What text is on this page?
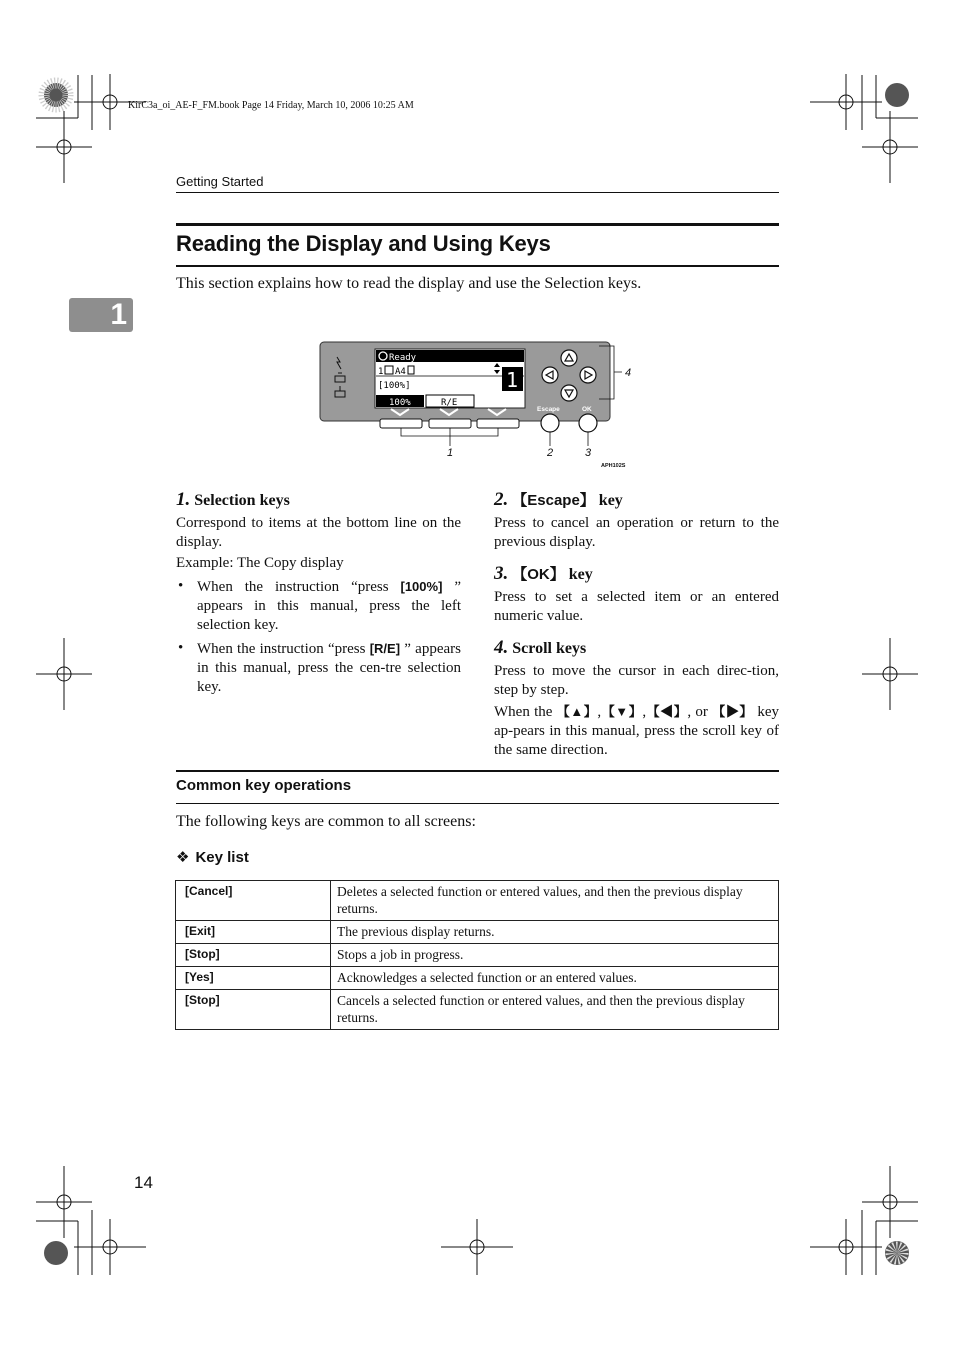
KirC3a_oi_AE-F_FM.book Page 14 Friday, March 10, 2006 10:25 AM
Getting Started
1
Reading the Display and Using Keys
This section explains how to read the display and use the Selection keys.
Ready
1 A4
[100%]	1
100%	R/E
Escape	OK
1	2	3
4
APH102S

1. Selection keys

Correspond to items at the bottom line on the display.

Example: The Copy display

• When the instruction “press [100%] ” appears in this manual, press the left selection key.
• When the instruction “press [R/E] ” appears in this manual, press the cen-tre selection key.

2. 【Escape】 key

Press to cancel an operation or return to the previous display.

3. 【OK】 key

Press to set a selected item or an entered numeric value.

4. Scroll keys

Press to move the cursor in each direc-tion, step by step.

When the 【▲】,【▼】,【◀】, or 【▶】 key ap-pears in this manual, press the scroll key of the same direction.

Common key operations
The following keys are common to all screens:
❖ Key list
[Cancel]	Deletes a selected function or entered values, and then the previous display returns.
[Exit]	The previous display returns.
[Stop]	Stops a job in progress.
[Yes]	Acknowledges a selected function or an entered values.
[Stop]	Cancels a selected function or entered values, and then the previous display returns.
14
